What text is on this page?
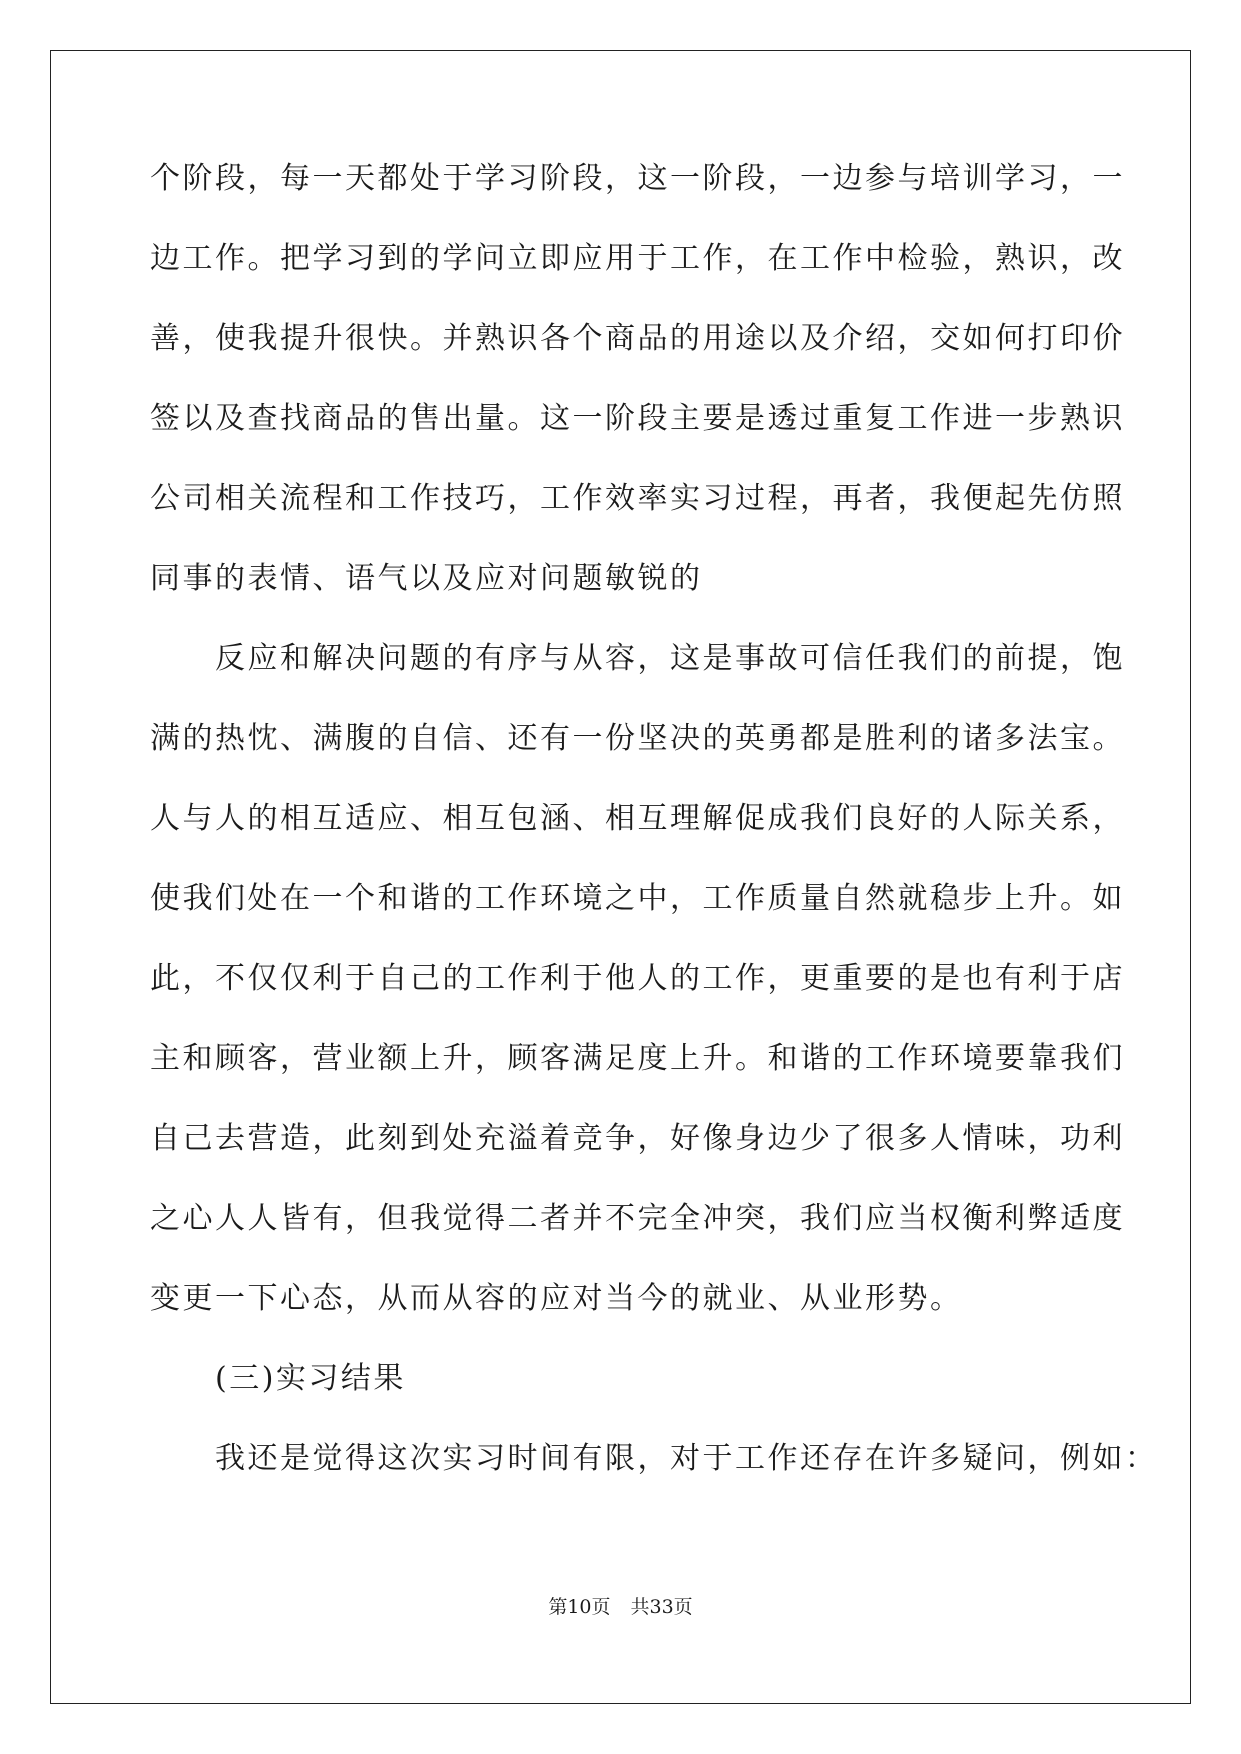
个阶段，每一天都处于学习阶段，这一阶段，一边参与培训学习，一
边工作。把学习到的学问立即应用于工作，在工作中检验，熟识，改
善，使我提升很快。并熟识各个商品的用途以及介绍，交如何打印价
签以及查找商品的售出量。这一阶段主要是透过重复工作进一步熟识
公司相关流程和工作技巧，工作效率实习过程，再者，我便起先仿照
同事的表情、语气以及应对问题敏锐的
反应和解决问题的有序与从容，这是事故可信任我们的前提，饱
满的热忱、满腹的自信、还有一份坚决的英勇都是胜利的诸多法宝。
人与人的相互适应、相互包涵、相互理解促成我们良好的人际关系，
使我们处在一个和谐的工作环境之中，工作质量自然就稳步上升。如
此，不仅仅利于自己的工作利于他人的工作，更重要的是也有利于店
主和顾客，营业额上升，顾客满足度上升。和谐的工作环境要靠我们
自己去营造，此刻到处充溢着竞争，好像身边少了很多人情味，功利
之心人人皆有，但我觉得二者并不完全冲突，我们应当权衡利弊适度
变更一下心态，从而从容的应对当今的就业、从业形势。
(三)实习结果
我还是觉得这次实习时间有限，对于工作还存在许多疑问，例如：
第10页 共33页
